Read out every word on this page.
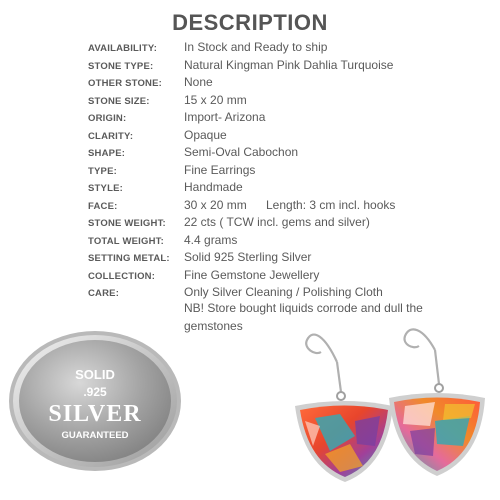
DESCRIPTION
AVAILABILITY: In Stock and Ready to ship
STONE TYPE:	Natural Kingman Pink Dahlia Turquoise
OTHER STONE: None
STONE SIZE:	15 x 20 mm
ORIGIN:	Import- Arizona
CLARITY:	Opaque
SHAPE:	Semi-Oval Cabochon
TYPE:	Fine Earrings
STYLE:	Handmade
FACE:	30 x 20 mm Length: 3 cm incl. hooks
STONE WEIGHT: 22 cts ( TCW incl. gems and silver)
TOTAL WEIGHT: 4.4 grams
SETTING METAL: Solid 925 Sterling Silver
COLLECTION: Fine Gemstone Jewellery
CARE:	Only Silver Cleaning / Polishing Cloth
NB! Store bought liquids corrode and dull the gemstones
SOLID
.925
SILVER
GUARANTEED
